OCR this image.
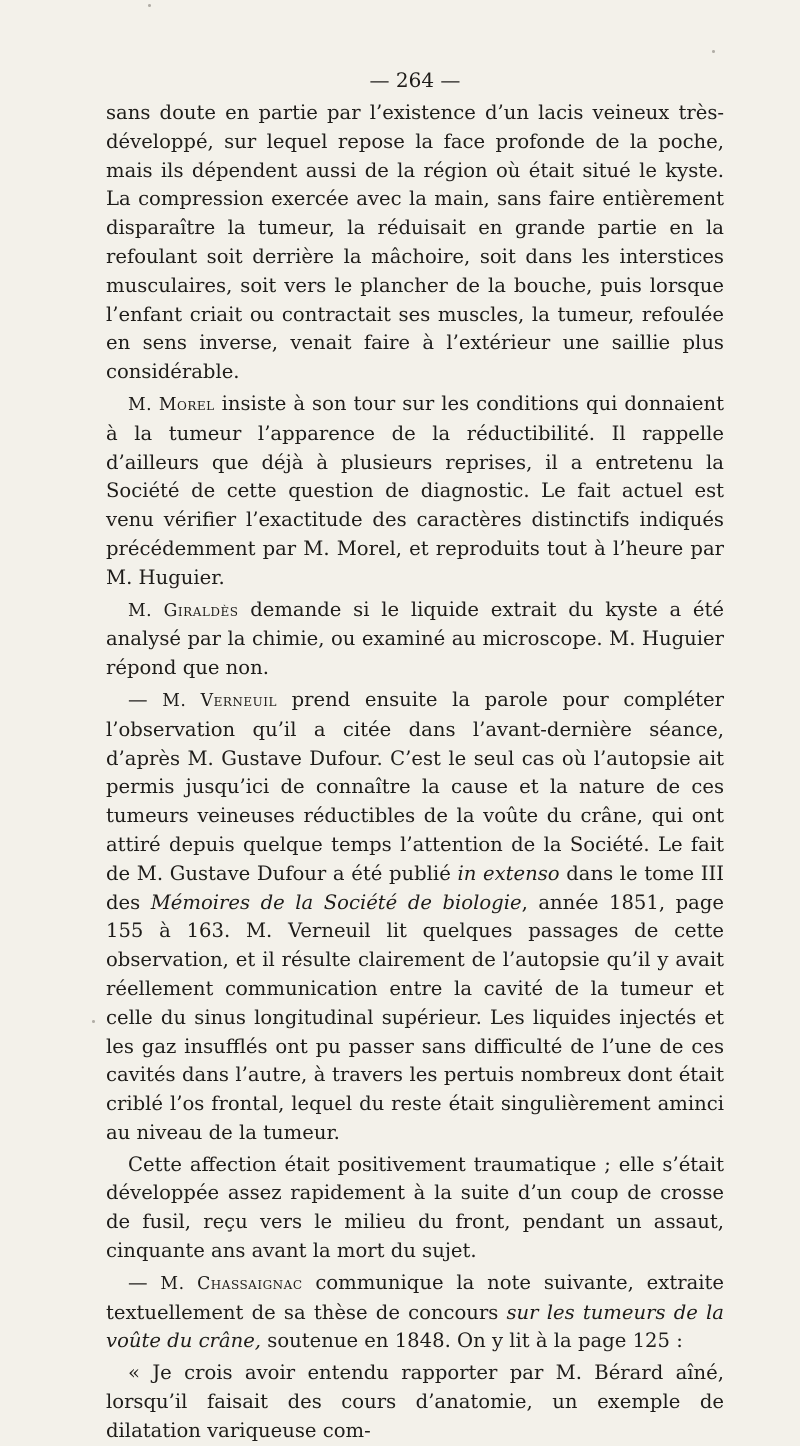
— 264 —

sans doute en partie par l’existence d’un lacis veineux très-développé, sur lequel repose la face profonde de la poche, mais ils dépendent aussi de la région où était situé le kyste. La compression exercée avec la main, sans faire entièrement disparaître la tumeur, la réduisait en grande partie en la refoulant soit derrière la mâchoire, soit dans les interstices musculaires, soit vers le plancher de la bouche, puis lorsque l’enfant criait ou contractait ses muscles, la tumeur, refoulée en sens inverse, venait faire à l’extérieur une saillie plus considérable.

M. Morel insiste à son tour sur les conditions qui donnaient à la tumeur l’apparence de la réductibilité. Il rappelle d’ailleurs que déjà à plusieurs reprises, il a entretenu la Société de cette question de diagnostic. Le fait actuel est venu vérifier l’exactitude des caractères distinctifs indiqués précédemment par M. Morel, et reproduits tout à l’heure par M. Huguier.

M. Giraldès demande si le liquide extrait du kyste a été analysé par la chimie, ou examiné au microscope. M. Huguier répond que non.

— M. Verneuil prend ensuite la parole pour compléter l’observation qu’il a citée dans l’avant-dernière séance, d’après M. Gustave Dufour. C’est le seul cas où l’autopsie ait permis jusqu’ici de connaître la cause et la nature de ces tumeurs veineuses réductibles de la voûte du crâne, qui ont attiré depuis quelque temps l’attention de la Société. Le fait de M. Gustave Dufour a été publié in extenso dans le tome III des Mémoires de la Société de biologie, année 1851, page 155 à 163. M. Verneuil lit quelques passages de cette observation, et il résulte clairement de l’autopsie qu’il y avait réellement communication entre la cavité de la tumeur et celle du sinus longitudinal supérieur. Les liquides injectés et les gaz insufflés ont pu passer sans difficulté de l’une de ces cavités dans l’autre, à travers les pertuis nombreux dont était criblé l’os frontal, lequel du reste était singulièrement aminci au niveau de la tumeur.

Cette affection était positivement traumatique ; elle s’était développée assez rapidement à la suite d’un coup de crosse de fusil, reçu vers le milieu du front, pendant un assaut, cinquante ans avant la mort du sujet.

— M. Chassaignac communique la note suivante, extraite textuellement de sa thèse de concours sur les tumeurs de la voûte du crâne, soutenue en 1848. On y lit à la page 125 :

« Je crois avoir entendu rapporter par M. Bérard aîné, lorsqu’il faisait des cours d’anatomie, un exemple de dilatation variqueuse com-
